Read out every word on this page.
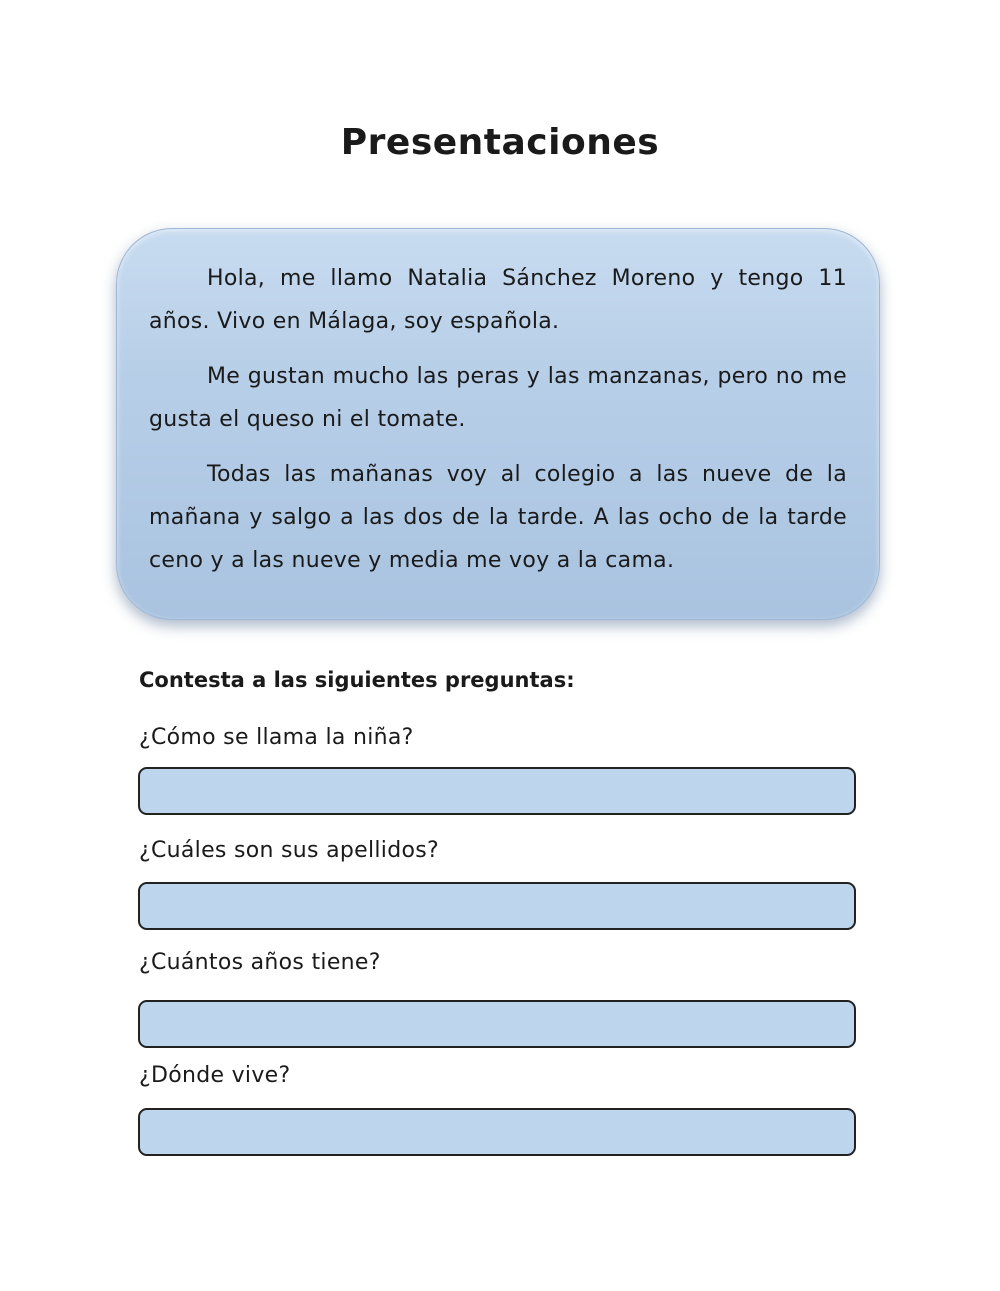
Presentaciones

Hola, me llamo Natalia Sánchez Moreno y tengo 11 años. Vivo en Málaga, soy española.

Me gustan mucho las peras y las manzanas, pero no me gusta el queso ni el tomate.

Todas las mañanas voy al colegio a las nueve de la mañana y salgo a las dos de la tarde. A las ocho de la tarde ceno y a las nueve y media me voy a la cama.

Contesta a las siguientes preguntas:
¿Cómo se llama la niña?
¿Cuáles son sus apellidos?
¿Cuántos años tiene?
¿Dónde vive?
